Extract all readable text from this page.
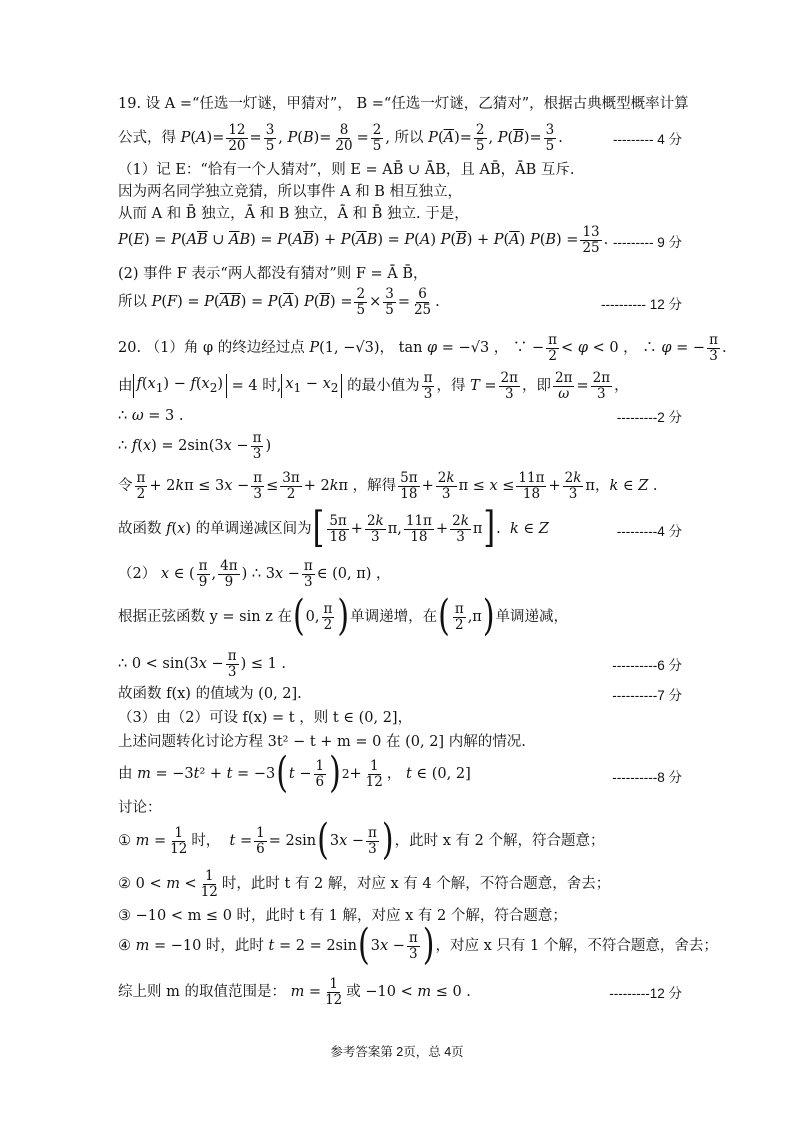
19. 设 A =“任选一灯谜，甲猜对”， B =“任选一灯谜，乙猜对”，根据古典概型概率计算
公式，得 $P(A)= \frac{12}{20} = \frac{3}{5}$ , $P(B)= \frac{8}{20} = \frac{2}{5}$ , 所以 $P(\overline{A})= \frac{2}{5}$ , $P(\overline{B})= \frac{3}{5}$ .	--------- 4 分
（1）记 E：“恰有一个人猜对”，则 E = AB̄ ∪ ĀB，且 AB̄，ĀB 互斥.
因为两名同学独立竞猜，所以事件 A 和 B 相互独立，
从而 A 和 B̄ 独立，Ā 和 B 独立，Ā 和 B̄ 独立. 于是，
$P(E) = P(A\overline{B}$ ∪ $\overline{A}B) = P(A\overline{B}) + P(\overline{A}B) = P(A)$ $P(\overline{B}) + P(\overline{A}) P(B) = \frac{13}{25}$ . --------- 9 分
(2) 事件 F 表示“两人都没有猜对”则 F = Ā B̄，
所以 $P(F) = P(\overline{AB}) = P(\overline{A}) P(\overline{B}) = \frac{2}{5} \times \frac{3}{5} = \frac{6}{25}$ .	---------- 12 分
20. （1）角 φ 的终边经过点 P(1, −√3)， tan φ = −√3 ， ∵ − $\frac{\pi}{2} < \varphi < 0$ ， ∴ φ = − $\frac{\pi}{3}$ .
由 $f(x_1) - f(x_2) = 4$ 时, $x_1 - x_2$ 的最小值为 $\frac{\pi}{3}$ ，得 $T = \frac{2\pi}{3}$ ，即 $\frac{2\pi}{\omega} = \frac{2\pi}{3}$ ，
∴ ω = 3 .	---------2 分
∴ $f(x) = 2\sin(3x - \frac{\pi}{3}$ )
令 $\frac{\pi}{2} + 2k\pi \le 3x - \frac{\pi}{3} \le \frac{3\pi}{2} + 2k\pi$ ，解得 $\frac{5\pi}{18} + \frac{2k}{3}$ $\pi \le x \le \frac{11\pi}{18} + \frac{2k}{3}$ π，k ∈ Z .
故函数 f(x) 的单调递减区间为 [ $\frac{5\pi}{18} + \frac{2k}{3} \pi$, $\frac{11\pi}{18} + \frac{2k}{3}$ π ] .  k ∈ Z	---------4 分
（2） x ∈ ( $\frac{\pi}{9}$ , $\frac{4\pi}{9}$ ) ∴ $3x - \frac{\pi}{3}$ ∈ (0, π) ，
根据正弦函数 y = sin z 在 ( 0, $\frac{\pi}{2}$ ) 单调递增，在 ( $\frac{\pi}{2} ,\pi$ ) 单调递减，
∴ $0 < \sin(3x - \frac{\pi}{3}$ ) ≤ 1 .	----------6 分
故函数 f(x) 的值域为 (0, 2].	----------7 分
（3）由（2）可设 f(x) = t ，则 t ∈ (0, 2]，
上述问题转化讨论方程 3t² − t + m = 0 在 (0, 2] 内解的情况.
由 m = −3t² + t = −3 ( $t - \frac{1}{6}$ ) $2 + \frac{1}{12}$ ， t ∈ (0, 2]	----------8 分
讨论：
① $m = \frac{1}{12}$ 时，  $t = \frac{1}{6} = 2\sin$ ( $3x - \frac{\pi}{3}$ ) ，此时 x 有 2 个解，符合题意；
② $0 < m < \frac{1}{12}$ 时，此时 t 有 2 解，对应 x 有 4 个解，不符合题意，舍去；
③ −10 < m ≤ 0 时，此时 t 有 1 解，对应 x 有 2 个解，符合题意；
④ m = −10 时，此时 t = 2 = 2sin ( $3x - \frac{\pi}{3}$ ) ，对应 x 只有 1 个解，不符合题意，舍去；
综上则 m 的取值范围是： $m = \frac{1}{12}$ 或 −10 < m ≤ 0 .	---------12 分
参考答案第 2页，总 4页
